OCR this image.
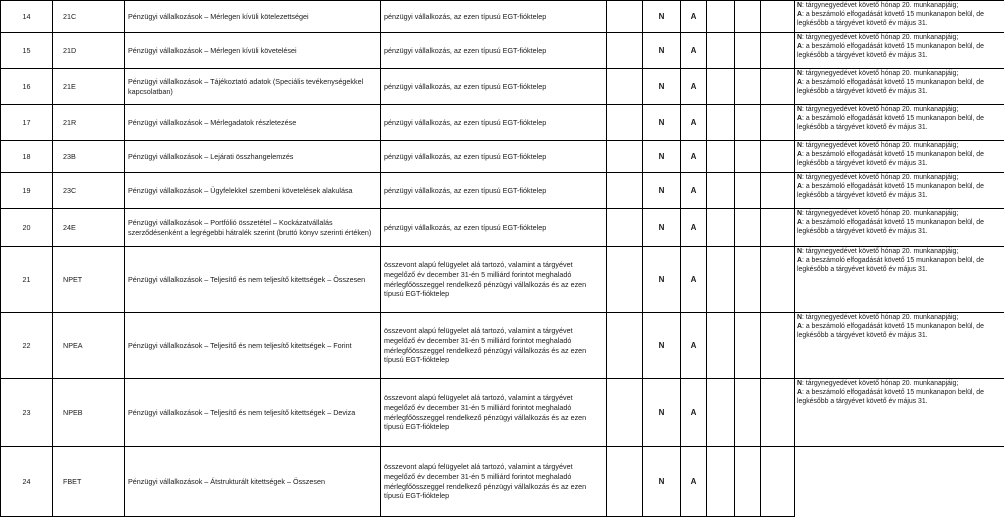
14	21C	Pénzügyi vállalkozások – Mérlegen kívüli kötelezettségei	pénzügyi vállalkozás, az ezen típusú EGT-fióktelep		N	A				N: tárgynegyedévet követő hónap 20. munkanapjáig;
A: a beszámoló elfogadását követő 15 munkanapon belül, de legkésőbb a tárgyévet követő év május 31.
15	21D	Pénzügyi vállalkozások – Mérlegen kívüli követelései	pénzügyi vállalkozás, az ezen típusú EGT-fióktelep		N	A				N: tárgynegyedévet követő hónap 20. munkanapjáig;
A: a beszámoló elfogadását követő 15 munkanapon belül, de legkésőbb a tárgyévet követő év május 31.
16	21E	Pénzügyi vállalkozások – Tájékoztató adatok (Speciális tevékenységekkel kapcsolatban)	pénzügyi vállalkozás, az ezen típusú EGT-fióktelep		N	A				N: tárgynegyedévet követő hónap 20. munkanapjáig;
A: a beszámoló elfogadását követő 15 munkanapon belül, de legkésőbb a tárgyévet követő év május 31.
17	21R	Pénzügyi vállalkozások – Mérlegadatok részletezése	pénzügyi vállalkozás, az ezen típusú EGT-fióktelep		N	A				N: tárgynegyedévet követő hónap 20. munkanapjáig;
A: a beszámoló elfogadását követő 15 munkanapon belül, de legkésőbb a tárgyévet követő év május 31.
18	23B	Pénzügyi vállalkozások – Lejárati összhangelemzés	pénzügyi vállalkozás, az ezen típusú EGT-fióktelep		N	A				N: tárgynegyedévet követő hónap 20. munkanapjáig;
A: a beszámoló elfogadását követő 15 munkanapon belül, de legkésőbb a tárgyévet követő év május 31.
19	23C	Pénzügyi vállalkozások – Ügyfelekkel szembeni követelések alakulása	pénzügyi vállalkozás, az ezen típusú EGT-fióktelep		N	A				N: tárgynegyedévet követő hónap 20. munkanapjáig;
A: a beszámoló elfogadását követő 15 munkanapon belül, de legkésőbb a tárgyévet követő év május 31.
20	24E	Pénzügyi vállalkozások – Portfólió összetétel – Kockázatvállalás szerződésenként a legrégebbi hátralék szerint (bruttó könyv szerinti értéken)	pénzügyi vállalkozás, az ezen típusú EGT-fióktelep		N	A				N: tárgynegyedévet követő hónap 20. munkanapjáig;
A: a beszámoló elfogadását követő 15 munkanapon belül, de legkésőbb a tárgyévet követő év május 31.
21	NPET	Pénzügyi vállalkozások – Teljesítő és nem teljesítő kitettségek – Összesen	összevont alapú felügyelet alá tartozó, valamint a tárgyévet megelőző év december 31-én 5 milliárd forintot meghaladó mérlegfőösszeggel rendelkező pénzügyi vállalkozás és az ezen típusú EGT-fióktelep		N	A				N: tárgynegyedévet követő hónap 20. munkanapjáig;
A: a beszámoló elfogadását követő 15 munkanapon belül, de legkésőbb a tárgyévet követő év május 31.
22	NPEA	Pénzügyi vállalkozások – Teljesítő és nem teljesítő kitettségek – Forint	összevont alapú felügyelet alá tartozó, valamint a tárgyévet megelőző év december 31-én 5 milliárd forintot meghaladó mérlegfőösszeggel rendelkező pénzügyi vállalkozás és az ezen típusú EGT-fióktelep		N	A				N: tárgynegyedévet követő hónap 20. munkanapjáig;
A: a beszámoló elfogadását követő 15 munkanapon belül, de legkésőbb a tárgyévet követő év május 31.
23	NPEB	Pénzügyi vállalkozások – Teljesítő és nem teljesítő kitettségek – Deviza	összevont alapú felügyelet alá tartozó, valamint a tárgyévet megelőző év december 31-én 5 milliárd forintot meghaladó mérlegfőösszeggel rendelkező pénzügyi vállalkozás és az ezen típusú EGT-fióktelep		N	A				N: tárgynegyedévet követő hónap 20. munkanapjáig;
A: a beszámoló elfogadását követő 15 munkanapon belül, de legkésőbb a tárgyévet követő év május 31.
24	FBET	Pénzügyi vállalkozások – Átstrukturált kitettségek – Összesen	összevont alapú felügyelet alá tartozó, valamint a tárgyévet megelőző év december 31-én 5 milliárd forintot meghaladó mérlegfőösszeggel rendelkező pénzügyi vállalkozás és az ezen típusú EGT-fióktelep		N	A				
